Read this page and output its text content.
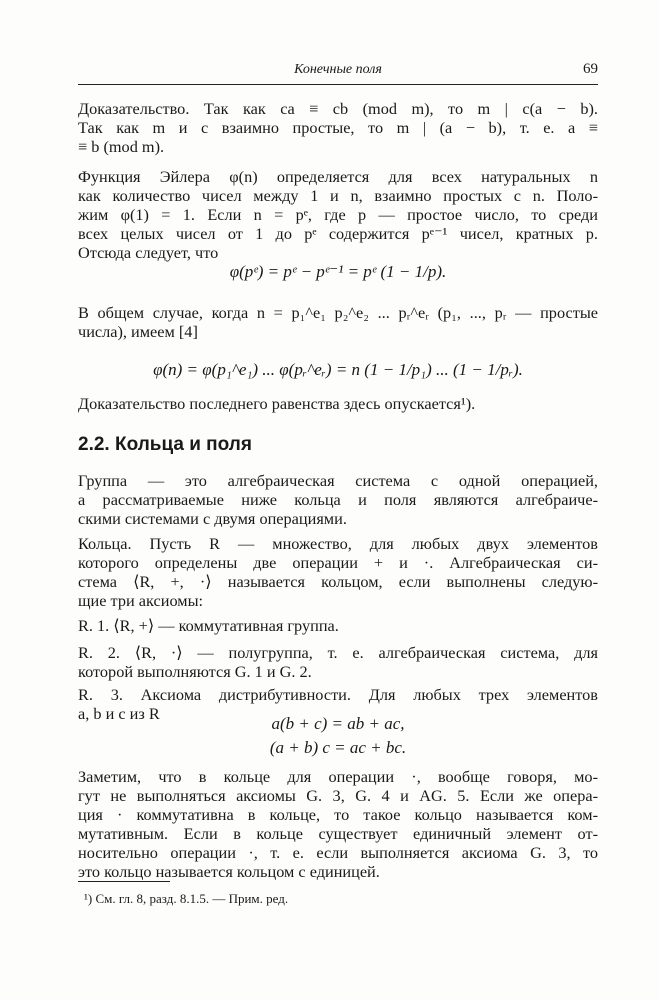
Конечные поля	69
Доказательство. Так как ca ≡ cb (mod m), то m | c(a − b).
Так как m и c взаимно простые, то m | (a − b), т. е. a ≡
≡ b (mod m).
Функция Эйлера φ(n) определяется для всех натуральных n
как количество чисел между 1 и n, взаимно простых с n. Поло-
жим φ(1) = 1. Если n = pᵉ, где p — простое число, то среди
всех целых чисел от 1 до pᵉ содержится pᵉ⁻¹ чисел, кратных p.
Отсюда следует, что
φ(pᵉ) = pᵉ − pᵉ⁻¹ = pᵉ (1 − 1/p).
В общем случае, когда n = p₁^e₁ p₂^e₂ ... pᵣ^eᵣ (p₁, ..., pᵣ — простые
числа), имеем [4]
φ(n) = φ(p₁^e₁) ... φ(pᵣ^eᵣ) = n (1 − 1/p₁) ... (1 − 1/pᵣ).
Доказательство последнего равенства здесь опускается¹).
2.2. Кольца и поля
Группа — это алгебраическая система с одной операцией,
а рассматриваемые ниже кольца и поля являются алгебраиче-
скими системами с двумя операциями.
Кольца. Пусть R — множество, для любых двух элементов
которого определены две операции + и ·. Алгебраическая си-
стема ⟨R, +, ·⟩ называется кольцом, если выполнены следую-
щие три аксиомы:
R. 1. ⟨R, +⟩ — коммутативная группа.
R. 2. ⟨R, ·⟩ — полугруппа, т. е. алгебраическая система, для
которой выполняются G. 1 и G. 2.
R. 3. Аксиома дистрибутивности. Для любых трех элементов
a, b и c из R
a(b + c) = ab + ac,
(a + b) c = ac + bc.
Заметим, что в кольце для операции ·, вообще говоря, мо-
гут не выполняться аксиомы G. 3, G. 4 и AG. 5. Если же опера-
ция · коммутативна в кольце, то такое кольцо называется ком-
мутативным. Если в кольце существует единичный элемент от-
носительно операции ·, т. е. если выполняется аксиома G. 3, то
это кольцо называется кольцом с единицей.
¹) См. гл. 8, разд. 8.1.5. — Прим. ред.
